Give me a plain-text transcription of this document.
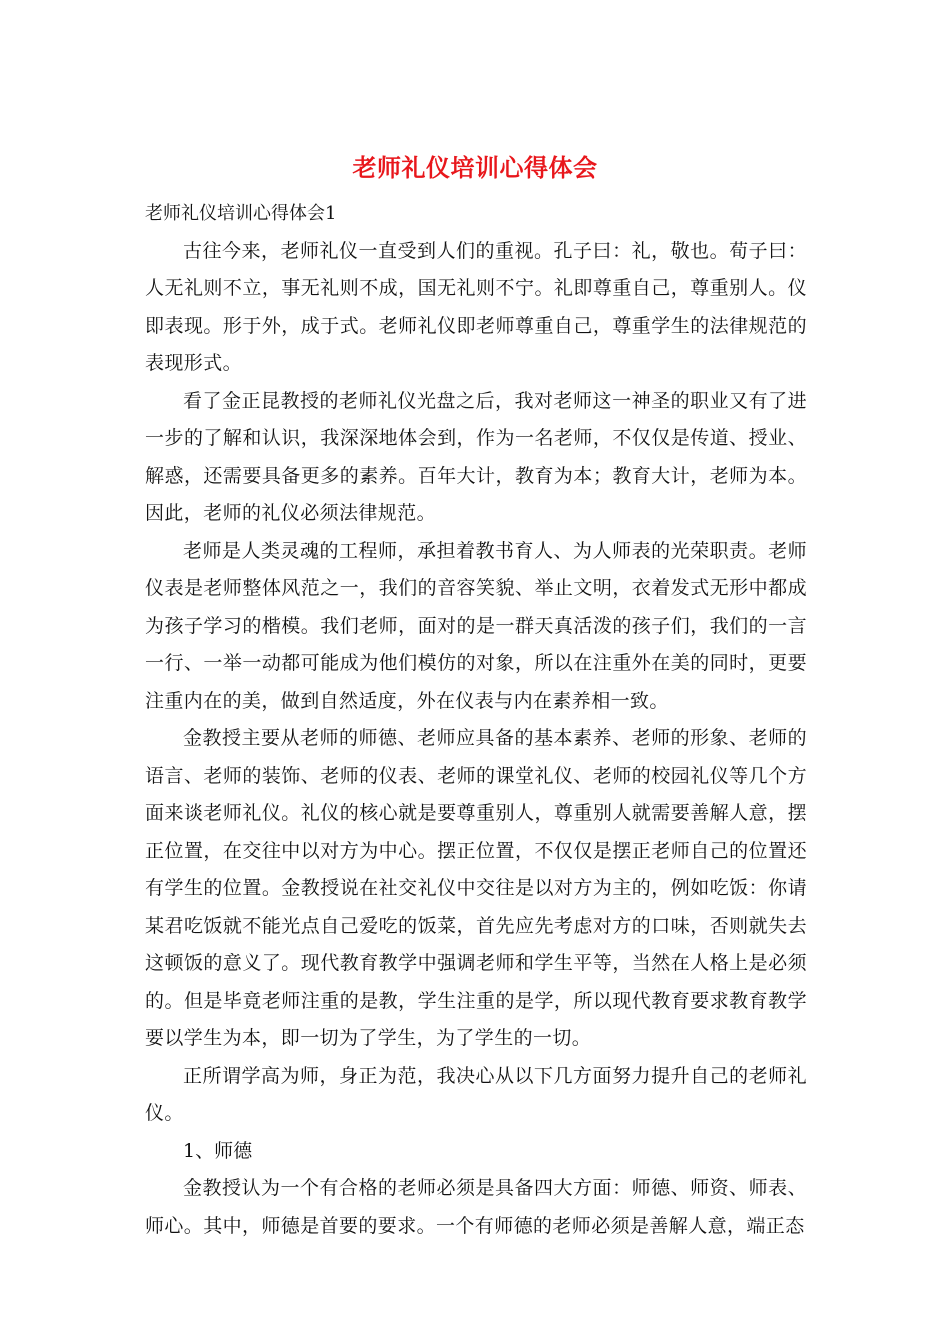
老师礼仪培训心得体会

老师礼仪培训心得体会1

古往今来，老师礼仪一直受到人们的重视。孔子曰：礼，敬也。荀子曰：人无礼则不立，事无礼则不成，国无礼则不宁。礼即尊重自己，尊重别人。仪即表现。形于外，成于式。老师礼仪即老师尊重自己，尊重学生的法律规范的表现形式。

看了金正昆教授的老师礼仪光盘之后，我对老师这一神圣的职业又有了进一步的了解和认识，我深深地体会到，作为一名老师，不仅仅是传道、授业、解惑，还需要具备更多的素养。百年大计，教育为本；教育大计，老师为本。因此，老师的礼仪必须法律规范。

老师是人类灵魂的工程师，承担着教书育人、为人师表的光荣职责。老师仪表是老师整体风范之一，我们的音容笑貌、举止文明，衣着发式无形中都成为孩子学习的楷模。我们老师，面对的是一群天真活泼的孩子们，我们的一言一行、一举一动都可能成为他们模仿的对象，所以在注重外在美的同时，更要注重内在的美，做到自然适度，外在仪表与内在素养相一致。

金教授主要从老师的师德、老师应具备的基本素养、老师的形象、老师的语言、老师的装饰、老师的仪表、老师的课堂礼仪、老师的校园礼仪等几个方面来谈老师礼仪。礼仪的核心就是要尊重别人，尊重别人就需要善解人意，摆正位置，在交往中以对方为中心。摆正位置，不仅仅是摆正老师自己的位置还有学生的位置。金教授说在社交礼仪中交往是以对方为主的，例如吃饭：你请某君吃饭就不能光点自己爱吃的饭菜，首先应先考虑对方的口味，否则就失去这顿饭的意义了。现代教育教学中强调老师和学生平等，当然在人格上是必须的。但是毕竟老师注重的是教，学生注重的是学，所以现代教育要求教育教学要以学生为本，即一切为了学生，为了学生的一切。

正所谓学高为师，身正为范，我决心从以下几方面努力提升自己的老师礼仪。

1、师德

金教授认为一个有合格的老师必须是具备四大方面：师德、师资、师表、师心。其中，师德是首要的要求。一个有师德的老师必须是善解人意，端正态
